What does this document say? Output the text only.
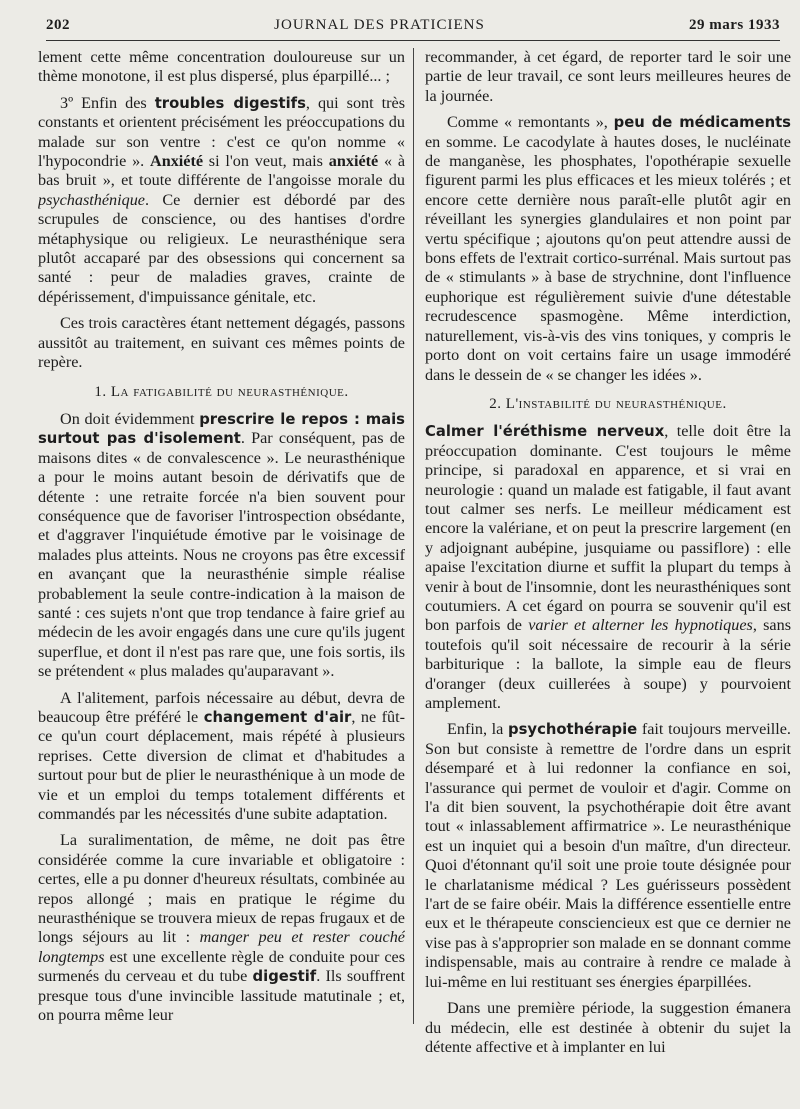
202	JOURNAL DES PRATICIENS	29 mars 1933

lement cette même concentration douloureuse sur un thème monotone, il est plus dispersé, plus éparpillé... ;

3º Enfin des troubles digestifs, qui sont très constants et orientent précisément les préoccupations du malade sur son ventre : c'est ce qu'on nomme « l'hypocondrie ». Anxiété si l'on veut, mais anxiété « à bas bruit », et toute différente de l'angoisse morale du psychasthénique. Ce dernier est débordé par des scrupules de conscience, ou des hantises d'ordre métaphysique ou religieux. Le neurasthénique sera plutôt accaparé par des obsessions qui concernent sa santé : peur de maladies graves, crainte de dépérissement, d'impuissance génitale, etc.

Ces trois caractères étant nettement dégagés, passons aussitôt au traitement, en suivant ces mêmes points de repère.

1. La fatigabilité du neurasthénique.

On doit évidemment prescrire le repos : mais surtout pas d'isolement. Par conséquent, pas de maisons dites « de convalescence ». Le neurasthénique a pour le moins autant besoin de dérivatifs que de détente : une retraite forcée n'a bien souvent pour conséquence que de favoriser l'introspection obsédante, et d'aggraver l'inquiétude émotive par le voisinage de malades plus atteints. Nous ne croyons pas être excessif en avançant que la neurasthénie simple réalise probablement la seule contre-indication à la maison de santé : ces sujets n'ont que trop tendance à faire grief au médecin de les avoir engagés dans une cure qu'ils jugent superflue, et dont il n'est pas rare que, une fois sortis, ils se prétendent « plus malades qu'auparavant ».

A l'alitement, parfois nécessaire au début, devra de beaucoup être préféré le changement d'air, ne fût-ce qu'un court déplacement, mais répété à plusieurs reprises. Cette diversion de climat et d'habitudes a surtout pour but de plier le neurasthénique à un mode de vie et un emploi du temps totalement différents et commandés par les nécessités d'une subite adaptation.

La suralimentation, de même, ne doit pas être considérée comme la cure invariable et obligatoire : certes, elle a pu donner d'heureux résultats, combinée au repos allongé ; mais en pratique le régime du neurasthénique se trouvera mieux de repas frugaux et de longs séjours au lit : manger peu et rester couché longtemps est une excellente règle de conduite pour ces surmenés du cerveau et du tube digestif. Ils souffrent presque tous d'une invincible lassitude matutinale ; et, on pourra même leur

recommander, à cet égard, de reporter tard le soir une partie de leur travail, ce sont leurs meilleures heures de la journée.

Comme « remontants », peu de médicaments en somme. Le cacodylate à hautes doses, le nucléinate de manganèse, les phosphates, l'opothérapie sexuelle figurent parmi les plus efficaces et les mieux tolérés ; et encore cette dernière nous paraît-elle plutôt agir en réveillant les synergies glandulaires et non point par vertu spécifique ; ajoutons qu'on peut attendre aussi de bons effets de l'extrait cortico-surrénal. Mais surtout pas de « stimulants » à base de strychnine, dont l'influence euphorique est régulièrement suivie d'une détestable recrudescence spasmogène. Même interdiction, naturellement, vis-à-vis des vins toniques, y compris le porto dont on voit certains faire un usage immodéré dans le dessein de « se changer les idées ».

2. L'instabilité du neurasthénique.

Calmer l'éréthisme nerveux, telle doit être la préoccupation dominante. C'est toujours le même principe, si paradoxal en apparence, et si vrai en neurologie : quand un malade est fatigable, il faut avant tout calmer ses nerfs. Le meilleur médicament est encore la valériane, et on peut la prescrire largement (en y adjoignant aubépine, jusquiame ou passiflore) : elle apaise l'excitation diurne et suffit la plupart du temps à venir à bout de l'insomnie, dont les neurasthéniques sont coutumiers. A cet égard on pourra se souvenir qu'il est bon parfois de varier et alterner les hypnotiques, sans toutefois qu'il soit nécessaire de recourir à la série barbiturique : la ballote, la simple eau de fleurs d'oranger (deux cuillerées à soupe) y pourvoient amplement.

Enfin, la psychothérapie fait toujours merveille. Son but consiste à remettre de l'ordre dans un esprit désemparé et à lui redonner la confiance en soi, l'assurance qui permet de vouloir et d'agir. Comme on l'a dit bien souvent, la psychothérapie doit être avant tout « inlassablement affirmatrice ». Le neurasthénique est un inquiet qui a besoin d'un maître, d'un directeur. Quoi d'étonnant qu'il soit une proie toute désignée pour le charlatanisme médical ? Les guérisseurs possèdent l'art de se faire obéir. Mais la différence essentielle entre eux et le thérapeute consciencieux est que ce dernier ne vise pas à s'approprier son malade en se donnant comme indispensable, mais au contraire à rendre ce malade à lui-même en lui restituant ses énergies éparpillées.

Dans une première période, la suggestion émanera du médecin, elle est destinée à obtenir du sujet la détente affective et à implanter en lui
